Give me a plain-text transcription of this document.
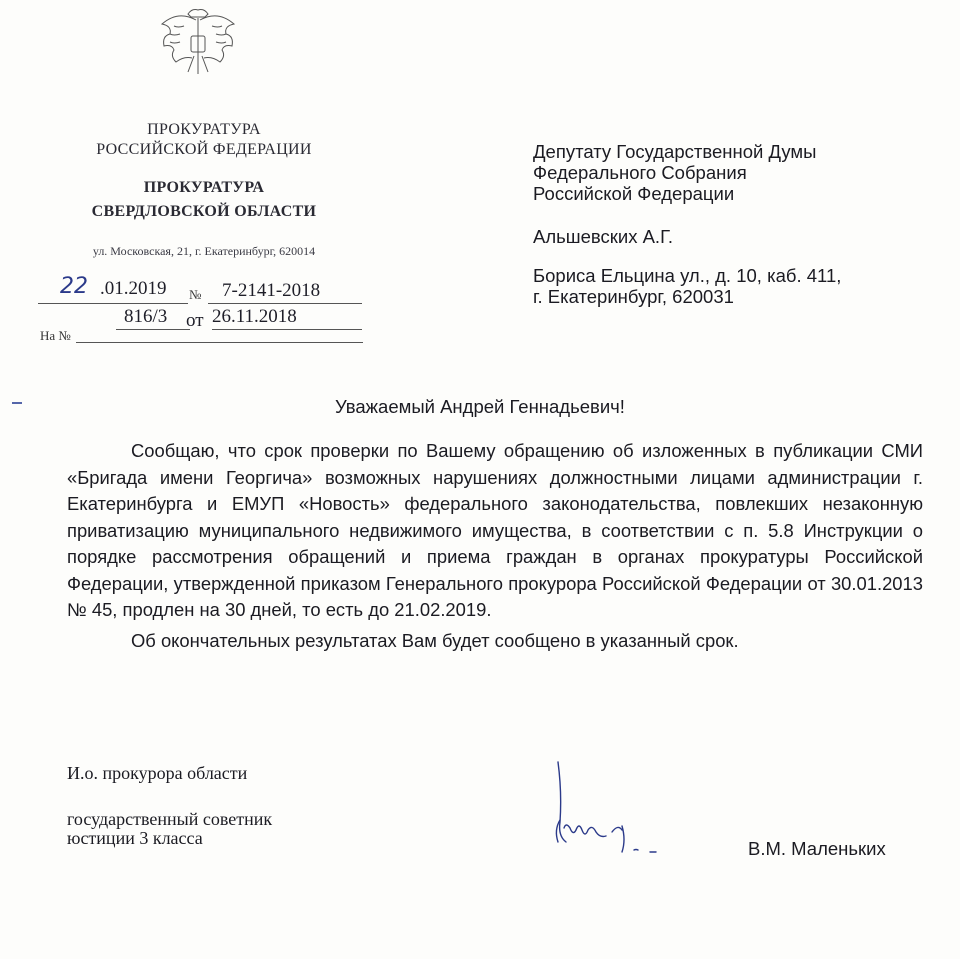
ПРОКУРАТУРА
РОССИЙСКОЙ ФЕДЕРАЦИИ
ПРОКУРАТУРА
СВЕРДЛОВСКОЙ ОБЛАСТИ
ул. Московская, 21, г. Екатеринбург, 620014
22 .01.2019 № 7-2141-2018
816/3 от 26.11.2018
На №
Депутату Государственной Думы
Федерального Собрания
Российской Федерации
Альшевских А.Г.
Бориса Ельцина ул., д. 10, каб. 411,
г. Екатеринбург, 620031
Уважаемый Андрей Геннадьевич!

Сообщаю, что срок проверки по Вашему обращению об изложенных в публикации СМИ «Бригада имени Георгича» возможных нарушениях должностными лицами администрации г. Екатеринбурга и ЕМУП «Новость» федерального законодательства, повлекших незаконную приватизацию муниципального недвижимого имущества, в соответствии с п. 5.8 Инструкции о порядке рассмотрения обращений и приема граждан в органах прокуратуры Российской Федерации, утвержденной приказом Генерального прокурора Российской Федерации от 30.01.2013 № 45, продлен на 30 дней, то есть до 21.02.2019.

Об окончательных результатах Вам будет сообщено в указанный срок.

И.о. прокурора области
государственный советник
юстиции 3 класса	В.М. Маленьких
